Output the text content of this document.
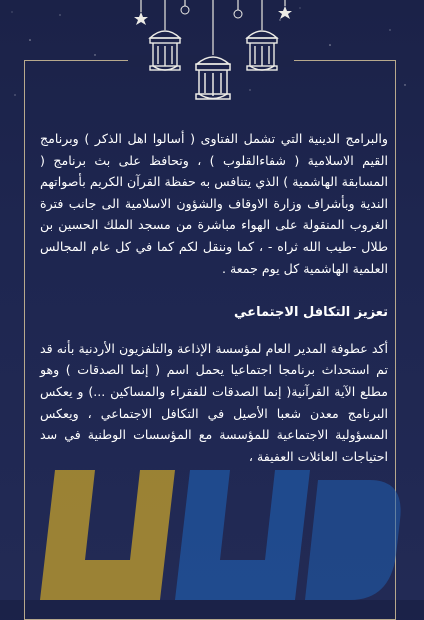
والبرامج الدينية التي تشمل الفتاوى ( أسالوا اهل الذكر ) وبرنامج القيم الاسلامية ( شفاءالقلوب ) ، وتحافظ على بث برنامج ( المسابقة الهاشمية ) الذي يتنافس به حفظة القرآن الكريم بأصواتهم الندية وبأشراف وزارة الاوقاف والشؤون الاسلامية الى جانب فترة الغروب المنقولة على الهواء مباشرة من مسجد الملك الحسين بن طلال -طيب الله ثراه - ، كما وننقل لكم كما في كل عام المجالس العلمية الهاشمية كل يوم جمعة .

تعزيز التكافل الاجتماعي

أكد عطوفة المدير العام لمؤسسة الإذاعة والتلفزيون الأردنية بأنه قد تم استحداث برنامجا اجتماعيا يحمل اسم ( إنما الصدقات ) وهو مطلع الآية القرآنية( إنما الصدقات للفقراء والمساكين ...) و يعكس البرنامج معدن شعبا الأصيل في التكافل الاجتماعي ، ويعكس المسؤولية الاجتماعية للمؤسسة مع المؤسسات الوطنية في سد احتياجات العائلات العفيفة ،
